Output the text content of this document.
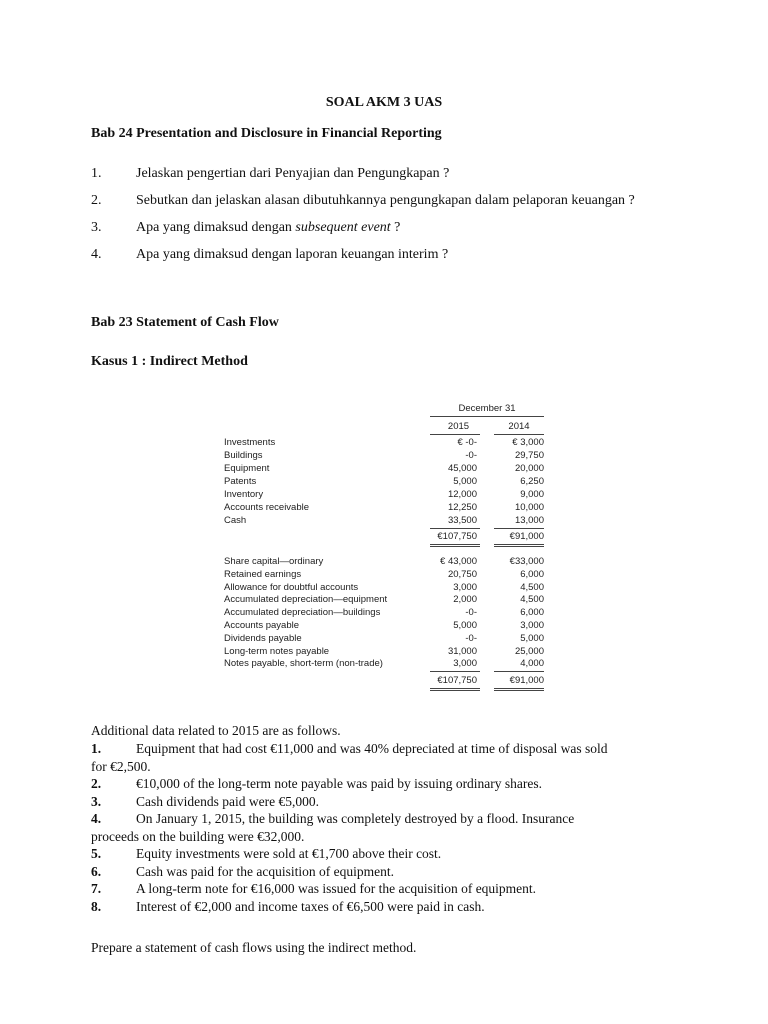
SOAL AKM 3 UAS
Bab 24 Presentation and Disclosure in Financial Reporting
1. Jelaskan pengertian dari Penyajian dan Pengungkapan ?
2. Sebutkan dan jelaskan alasan dibutuhkannya pengungkapan dalam pelaporan keuangan ?
3. Apa yang dimaksud dengan subsequent event ?
4. Apa yang dimaksud dengan laporan keuangan interim ?
Bab 23 Statement of Cash Flow
Kasus 1 : Indirect Method
December 31
2015	2014
Investments	€ -0-	€ 3,000
Buildings	-0-	29,750
Equipment	45,000	20,000
Patents	5,000	6,250
Inventory	12,000	9,000
Accounts receivable	12,250	10,000
Cash	33,500	13,000
€107,750	€91,000
Share capital—ordinary	€ 43,000	€33,000
Retained earnings	20,750	6,000
Allowance for doubtful accounts	3,000	4,500
Accumulated depreciation—equipment	2,000	4,500
Accumulated depreciation—buildings	-0-	6,000
Accounts payable	5,000	3,000
Dividends payable	-0-	5,000
Long-term notes payable	31,000	25,000
Notes payable, short-term (non-trade)	3,000	4,000
€107,750	€91,000
Additional data related to 2015 are as follows.
1.	Equipment that had cost €11,000 and was 40% depreciated at time of disposal was sold
for €2,500.
2.	€10,000 of the long-term note payable was paid by issuing ordinary shares.
3.	Cash dividends paid were €5,000.
4.	On January 1, 2015, the building was completely destroyed by a flood. Insurance
proceeds on the building were €32,000.
5.	Equity investments were sold at €1,700 above their cost.
6.	Cash was paid for the acquisition of equipment.
7.	A long-term note for €16,000 was issued for the acquisition of equipment.
8.	Interest of €2,000 and income taxes of €6,500 were paid in cash.
Prepare a statement of cash flows using the indirect method.
